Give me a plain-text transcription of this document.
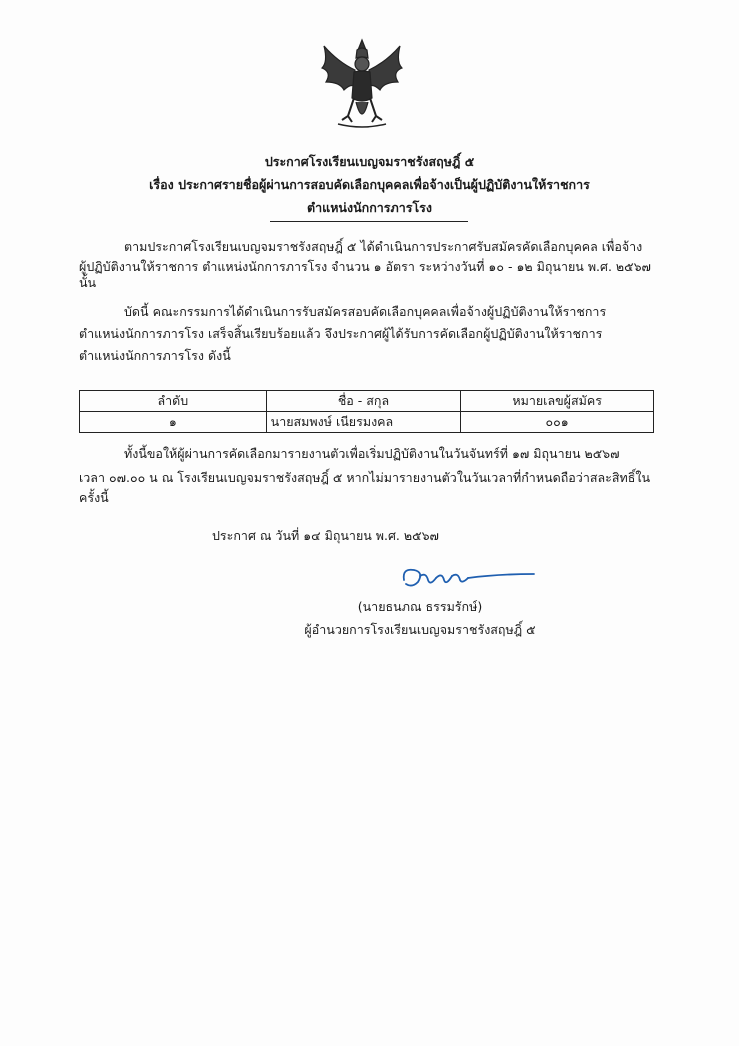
ประกาศโรงเรียนเบญจมราชรังสฤษฎิ์ ๕
เรื่อง ประกาศรายชื่อผู้ผ่านการสอบคัดเลือกบุคคลเพื่อจ้างเป็นผู้ปฏิบัติงานให้ราชการ
ตำแหน่งนักการภารโรง
ตามประกาศโรงเรียนเบญจมราชรังสฤษฎิ์ ๕ ได้ดำเนินการประกาศรับสมัครคัดเลือกบุคคล เพื่อจ้าง
ผู้ปฏิบัติงานให้ราชการ ตำแหน่งนักการภารโรง จำนวน ๑ อัตรา ระหว่างวันที่ ๑๐ - ๑๒ มิถุนายน พ.ศ. ๒๕๖๗
นั้น
บัดนี้ คณะกรรมการได้ดำเนินการรับสมัครสอบคัดเลือกบุคคลเพื่อจ้างผู้ปฏิบัติงานให้ราชการ
ตำแหน่งนักการภารโรง เสร็จสิ้นเรียบร้อยแล้ว จึงประกาศผู้ได้รับการคัดเลือกผู้ปฏิบัติงานให้ราชการ
ตำแหน่งนักการภารโรง ดังนี้
ลำดับ	ชื่อ - สกุล	หมายเลขผู้สมัคร
๑	นายสมพงษ์ เนียรมงคล	๐๐๑
ทั้งนี้ขอให้ผู้ผ่านการคัดเลือกมารายงานตัวเพื่อเริ่มปฏิบัติงานในวันจันทร์ที่ ๑๗ มิถุนายน ๒๕๖๗
เวลา ๐๗.๐๐ น ณ โรงเรียนเบญจมราชรังสฤษฎิ์ ๕ หากไม่มารายงานตัวในวันเวลาที่กำหนดถือว่าสละสิทธิ์ใน
ครั้งนี้
ประกาศ ณ วันที่ ๑๔ มิถุนายน พ.ศ. ๒๕๖๗
(นายธนภณ ธรรมรักษ์)
ผู้อำนวยการโรงเรียนเบญจมราชรังสฤษฎิ์ ๕
